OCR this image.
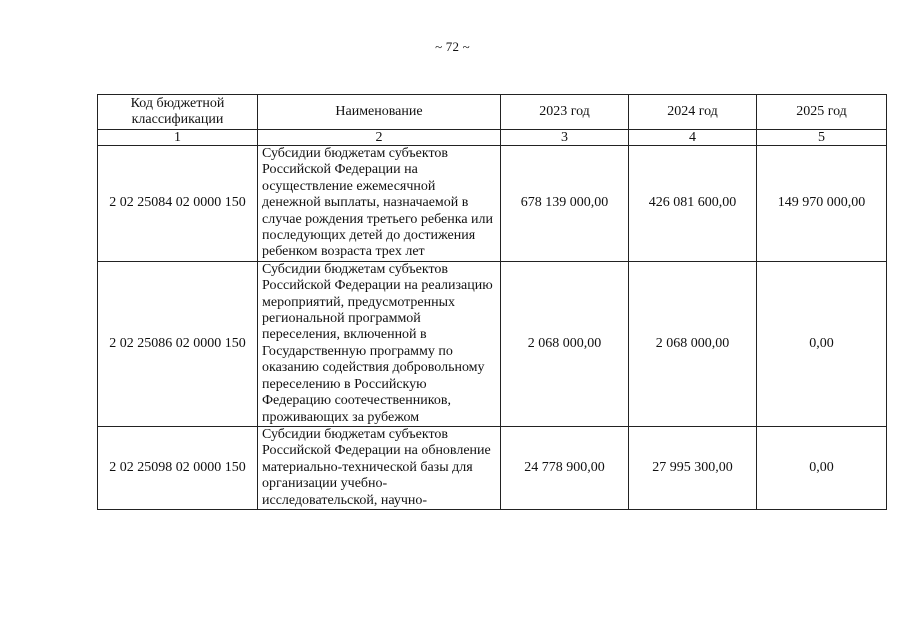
~ 72 ~
Код бюджетной классификации	Наименование	2023 год	2024 год	2025 год
1	2	3	4	5
2 02 25084 02 0000 150	Субсидии бюджетам субъектов Российской Федерации на осуществление ежемесячной денежной выплаты, назначаемой в случае рождения третьего ребенка или последующих детей до достижения ребенком возраста трех лет	678 139 000,00	426 081 600,00	149 970 000,00
2 02 25086 02 0000 150	Субсидии бюджетам субъектов Российской Федерации на реализацию мероприятий, предусмотренных региональной программой переселения, включенной в Государственную программу по оказанию содействия добровольному переселению в Российскую Федерацию соотечественников, проживающих за рубежом	2 068 000,00	2 068 000,00	0,00
2 02 25098 02 0000 150	Субсидии бюджетам субъектов Российской Федерации на обновление материально-технической базы для организации учебно-исследовательской, научно-	24 778 900,00	27 995 300,00	0,00
